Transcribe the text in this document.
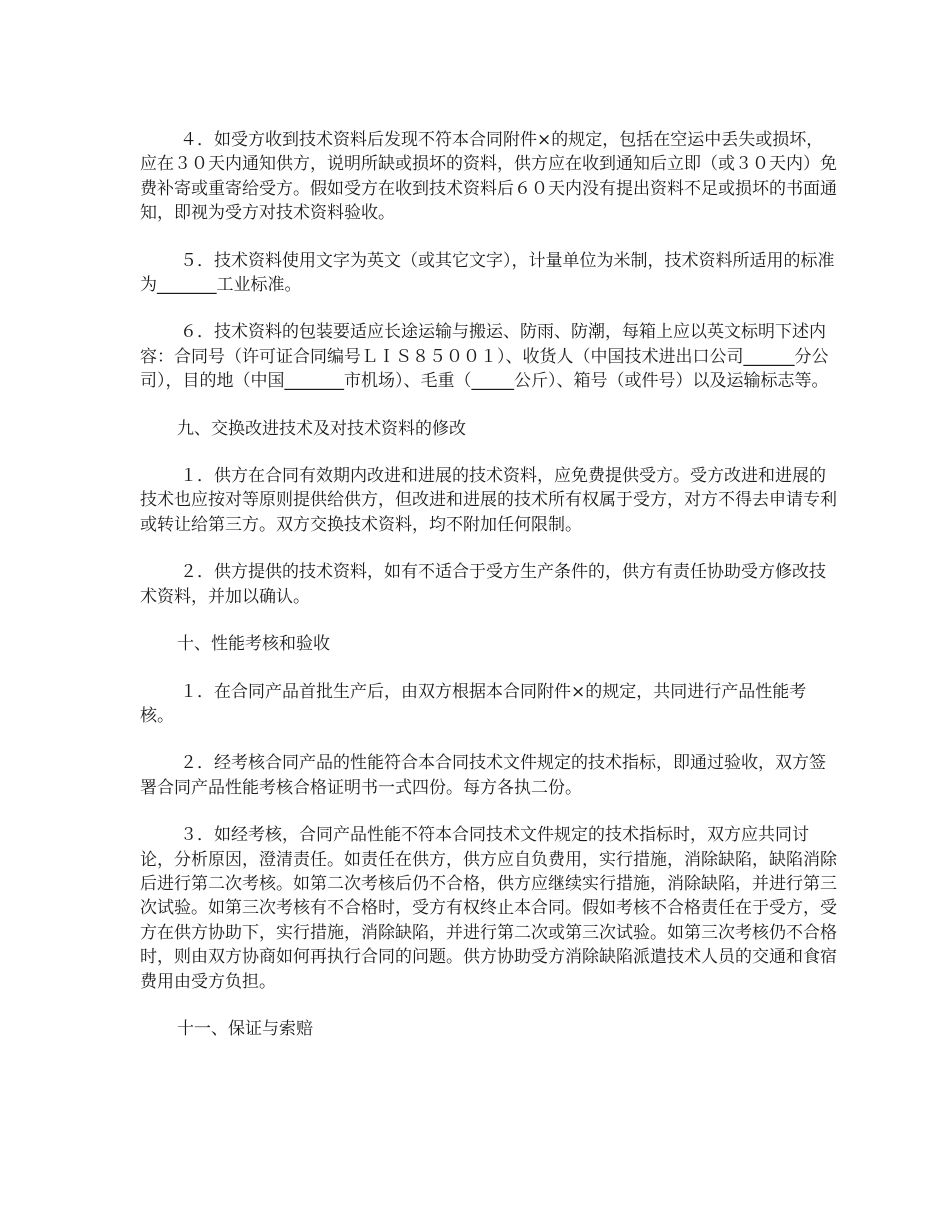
４．如受方收到技术资料后发现不符本合同附件×的规定，包括在空运中丢失或损坏，应在３０天内通知供方，说明所缺或损坏的资料，供方应在收到通知后立即（或３０天内）免费补寄或重寄给受方。假如受方在收到技术资料后６０天内没有提出资料不足或损坏的书面通知，即视为受方对技术资料验收。

５．技术资料使用文字为英文（或其它文字），计量单位为米制，技术资料所适用的标准为_______工业标准。

６．技术资料的包装要适应长途运输与搬运、防雨、防潮，每箱上应以英文标明下述内容：合同号（许可证合同编号ＬＩＳ８５００１）、收货人（中国技术进出口公司______分公司），目的地（中国_______市机场）、毛重（_____公斤）、箱号（或件号）以及运输标志等。

九、交换改进技术及对技术资料的修改

１．供方在合同有效期内改进和进展的技术资料，应免费提供受方。受方改进和进展的技术也应按对等原则提供给供方，但改进和进展的技术所有权属于受方，对方不得去申请专利或转让给第三方。双方交换技术资料，均不附加任何限制。

２．供方提供的技术资料，如有不适合于受方生产条件的，供方有责任协助受方修改技术资料，并加以确认。

十、性能考核和验收

１．在合同产品首批生产后，由双方根据本合同附件×的规定，共同进行产品性能考核。

２．经考核合同产品的性能符合本合同技术文件规定的技术指标，即通过验收，双方签署合同产品性能考核合格证明书一式四份。每方各执二份。

３．如经考核，合同产品性能不符本合同技术文件规定的技术指标时，双方应共同讨论，分析原因，澄清责任。如责任在供方，供方应自负费用，实行措施，消除缺陷，缺陷消除后进行第二次考核。如第二次考核后仍不合格，供方应继续实行措施，消除缺陷，并进行第三次试验。如第三次考核有不合格时，受方有权终止本合同。假如考核不合格责任在于受方，受方在供方协助下，实行措施，消除缺陷，并进行第二次或第三次试验。如第三次考核仍不合格时，则由双方协商如何再执行合同的问题。供方协助受方消除缺陷派遣技术人员的交通和食宿费用由受方负担。

十一、保证与索赔
